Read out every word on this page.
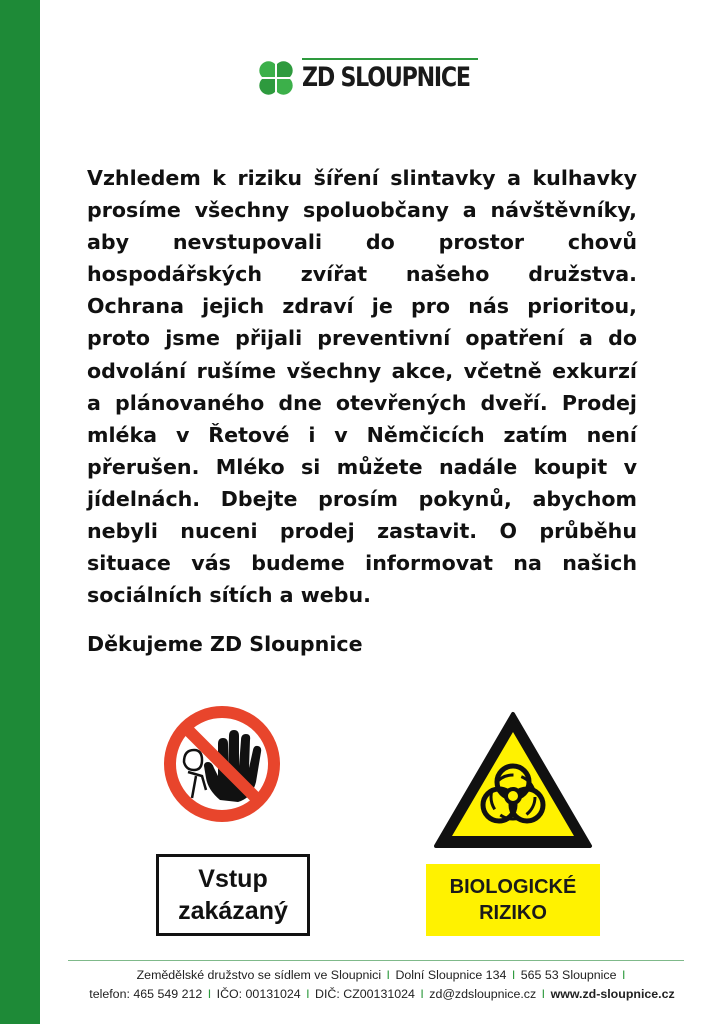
ZD SLOUPNICE

Vzhledem k riziku šíření slintavky a kulhavky prosíme všechny spoluobčany a návštěvníky, aby nevstupovali do prostor chovů hospodářských zvířat našeho družstva. Ochrana jejich zdraví je pro nás prioritou, proto jsme přijali preventivní opatření a do odvolání rušíme všechny akce, včetně exkurzí a plánovaného dne otevřených dveří. Prodej mléka v Řetové i v Němčicích zatím není přerušen. Mléko si můžete nadále koupit v jídelnách. Dbejte prosím pokynů, abychom nebyli nuceni prodej zastavit. O průběhu situace vás budeme informovat na našich sociálních sítích a webu.

Děkujeme ZD Sloupnice

Vstup
zakázaný
BIOLOGICKÉ
RIZIKO
Zemědělské družstvo se sídlem ve Sloupnici I Dolní Sloupnice 134 I 565 53 Sloupnice I
telefon: 465 549 212 I IČO: 00131024 I DIČ: CZ00131024 I zd@zdsloupnice.cz I www.zd-sloupnice.cz
